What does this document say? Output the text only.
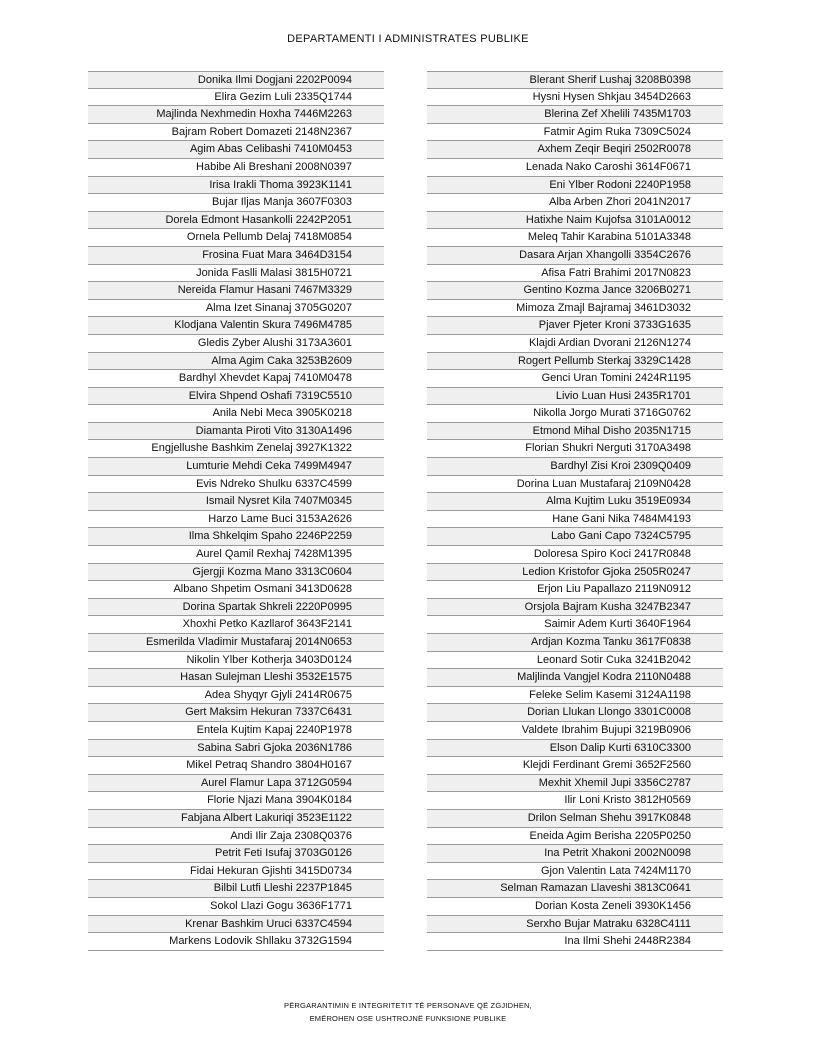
DEPARTAMENTI I ADMINISTRATES PUBLIKE
Donika Ilmi Dogjani 2202P0094
Elira Gezim Luli 2335Q1744
Majlinda Nexhmedin Hoxha 7446M2263
Bajram Robert Domazeti 2148N2367
Agim Abas Celibashi 7410M0453
Habibe Ali Breshani 2008N0397
Irisa Irakli Thoma 3923K1141
Bujar Iljas Manja 3607F0303
Dorela Edmont Hasankolli 2242P2051
Ornela Pellumb Delaj 7418M0854
Frosina Fuat Mara 3464D3154
Jonida Faslli Malasi 3815H0721
Nereida Flamur Hasani 7467M3329
Alma Izet Sinanaj 3705G0207
Klodjana Valentin Skura 7496M4785
Gledis Zyber Alushi 3173A3601
Alma Agim Caka 3253B2609
Bardhyl Xhevdet Kapaj 7410M0478
Elvira Shpend Oshafi 7319C5510
Anila Nebi Meca 3905K0218
Diamanta Piroti Vito 3130A1496
Engjellushe Bashkim Zenelaj 3927K1322
Lumturie Mehdi Ceka 7499M4947
Evis Ndreko Shulku 6337C4599
Ismail Nysret Kila 7407M0345
Harzo Lame Buci 3153A2626
Ilma Shkelqim Spaho 2246P2259
Aurel Qamil Rexhaj 7428M1395
Gjergji Kozma Mano 3313C0604
Albano Shpetim Osmani 3413D0628
Dorina Spartak Shkreli 2220P0995
Xhoxhi Petko Kazllarof 3643F2141
Esmerilda Vladimir Mustafaraj 2014N0653
Nikolin Ylber Kotherja 3403D0124
Hasan Sulejman Lleshi 3532E1575
Adea Shyqyr Gjyli 2414R0675
Gert Maksim Hekuran 7337C6431
Entela Kujtim Kapaj 2240P1978
Sabina Sabri Gjoka 2036N1786
Mikel Petraq Shandro 3804H0167
Aurel Flamur Lapa 3712G0594
Florie Njazi Mana 3904K0184
Fabjana Albert Lakuriqi 3523E1122
Andi Ilir Zaja 2308Q0376
Petrit Feti Isufaj 3703G0126
Fidai Hekuran Gjishti 3415D0734
Bilbil Lutfi Lleshi 2237P1845
Sokol Llazi Gogu 3636F1771
Krenar Bashkim Uruci 6337C4594
Markens Lodovik Shllaku 3732G1594
Blerant Sherif Lushaj 3208B0398
Hysni Hysen Shkjau 3454D2663
Blerina Zef Xhelili 7435M1703
Fatmir Agim Ruka 7309C5024
Axhem Zeqir Beqiri 2502R0078
Lenada Nako Caroshi 3614F0671
Eni Ylber Rodoni 2240P1958
Alba Arben Zhori 2041N2017
Hatixhe Naim Kujofsa 3101A0012
Meleq Tahir Karabina 5101A3348
Dasara Arjan Xhangolli 3354C2676
Afisa Fatri Brahimi 2017N0823
Gentino Kozma Jance 3206B0271
Mimoza Zmajl Bajramaj 3461D3032
Pjaver Pjeter Kroni 3733G1635
Klajdi Ardian Dvorani 2126N1274
Rogert Pellumb Sterkaj 3329C1428
Genci Uran Tomini 2424R1195
Livio Luan Husi 2435R1701
Nikolla Jorgo Murati 3716G0762
Etmond Mihal Disho 2035N1715
Florian Shukri Nerguti 3170A3498
Bardhyl Zisi Kroi 2309Q0409
Dorina Luan Mustafaraj 2109N0428
Alma Kujtim Luku 3519E0934
Hane Gani Nika 7484M4193
Labo Gani Capo 7324C5795
Doloresa Spiro Koci 2417R0848
Ledion Kristofor Gjoka 2505R0247
Erjon Liu Papallazo 2119N0912
Orsjola Bajram Kusha 3247B2347
Saimir Adem Kurti 3640F1964
Ardjan Kozma Tanku 3617F0838
Leonard Sotir Cuka 3241B2042
Maljlinda Vangjel Kodra 2110N0488
Feleke Selim Kasemi 3124A1198
Dorian Llukan Llongo 3301C0008
Valdete Ibrahim Bujupi 3219B0906
Elson Dalip Kurti 6310C3300
Klejdi Ferdinant Gremi 3652F2560
Mexhit Xhemil Jupi 3356C2787
Ilir Loni Kristo 3812H0569
Drilon Selman Shehu 3917K0848
Eneida Agim Berisha 2205P0250
Ina Petrit Xhakoni 2002N0098
Gjon Valentin Lata 7424M1170
Selman Ramazan Llaveshi 3813C0641
Dorian Kosta Zeneli 3930K1456
Serxho Bujar Matraku 6328C4111
Ina Ilmi Shehi 2448R2384
PËRGARANTIMIN E INTEGRITETIT TË PERSONAVE QË ZGJIDHEN,
EMËROHEN OSE USHTROJNË FUNKSIONE PUBLIKE
